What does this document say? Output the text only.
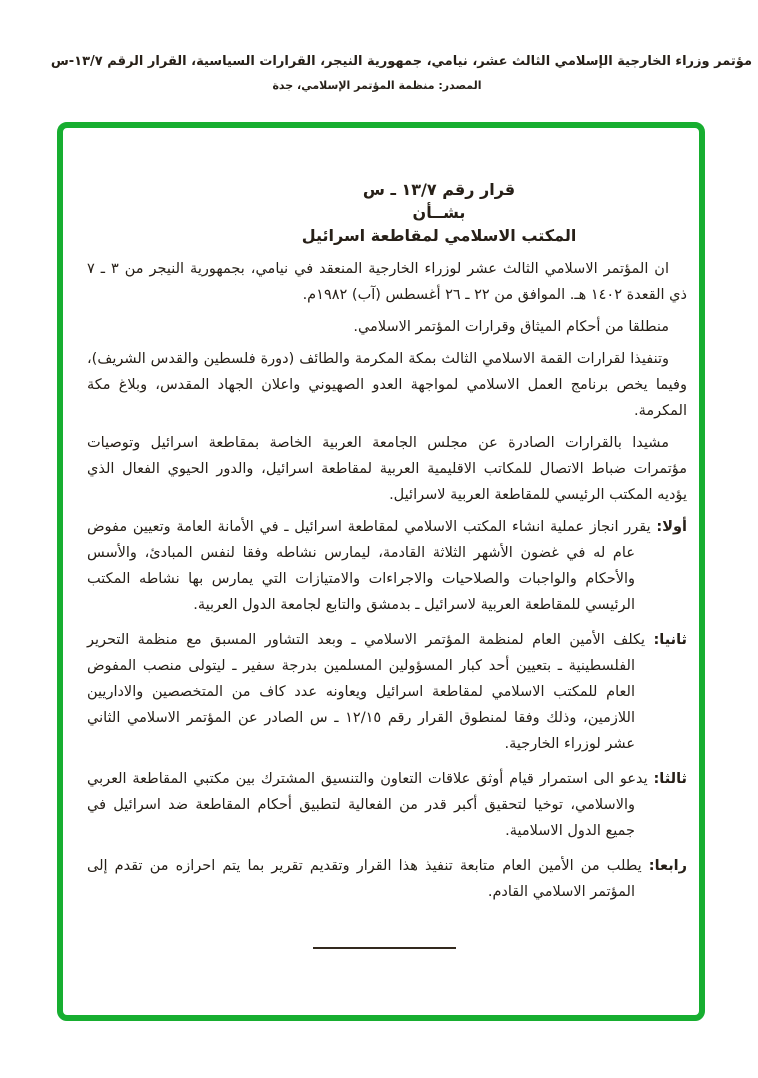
مؤتمر وزراء الخارجية الإسلامي الثالث عشر، نيامي، جمهورية النيجر، القرارات السياسية، القرار الرقم ١٣/٧-س
المصدر: منظمة المؤتمر الإسلامي، جدة
قرار رقم ١٣/٧ ـ س
بشــأن
المكتب الاسلامي لمقاطعة اسرائيل

ان المؤتمر الاسلامي الثالث عشر لوزراء الخارجية المنعقد في نيامي، بجمهورية النيجر من ٣ ـ ٧ ذي القعدة ١٤٠٢ هـ. الموافق من ٢٢ ـ ٢٦ أغسطس (آب) ١٩٨٢م.

منطلقا من أحكام الميثاق وقرارات المؤتمر الاسلامي.

وتنفيذا لقرارات القمة الاسلامي الثالث بمكة المكرمة والطائف (دورة فلسطين والقدس الشريف)، وفيما يخص برنامج العمل الاسلامي لمواجهة العدو الصهيوني واعلان الجهاد المقدس، وبلاغ مكة المكرمة.

مشيدا بالقرارات الصادرة عن مجلس الجامعة العربية الخاصة بمقاطعة اسرائيل وتوصيات مؤتمرات ضباط الاتصال للمكاتب الاقليمية العربية لمقاطعة اسرائيل، والدور الحيوي الفعال الذي يؤديه المكتب الرئيسي للمقاطعة العربية لاسرائيل.

أولا: يقرر انجاز عملية انشاء المكتب الاسلامي لمقاطعة اسرائيل ـ في الأمانة العامة وتعيين مفوض عام له في غضون الأشهر الثلاثة القادمة، ليمارس نشاطه وفقا لنفس المبادئ، والأسس والأحكام والواجبات والصلاحيات والاجراءات والامتيازات التي يمارس بها نشاطه المكتب الرئيسي للمقاطعة العربية لاسرائيل ـ بدمشق والتابع لجامعة الدول العربية.

ثانيا: يكلف الأمين العام لمنظمة المؤتمر الاسلامي ـ وبعد التشاور المسبق مع منظمة التحرير الفلسطينية ـ بتعيين أحد كبار المسؤولين المسلمين بدرجة سفير ـ ليتولى منصب المفوض العام للمكتب الاسلامي لمقاطعة اسرائيل ويعاونه عدد كاف من المتخصصين والاداريين اللازمين، وذلك وفقا لمنطوق القرار رقم ١٢/١٥ ـ س الصادر عن المؤتمر الاسلامي الثاني عشر لوزراء الخارجية.

ثالثا: يدعو الى استمرار قيام أوثق علاقات التعاون والتنسيق المشترك بين مكتبي المقاطعة العربي والاسلامي، توخيا لتحقيق أكبر قدر من الفعالية لتطبيق أحكام المقاطعة ضد اسرائيل في جميع الدول الاسلامية.

رابعا: يطلب من الأمين العام متابعة تنفيذ هذا القرار وتقديم تقرير بما يتم احرازه من تقدم إلى المؤتمر الاسلامي القادم.
